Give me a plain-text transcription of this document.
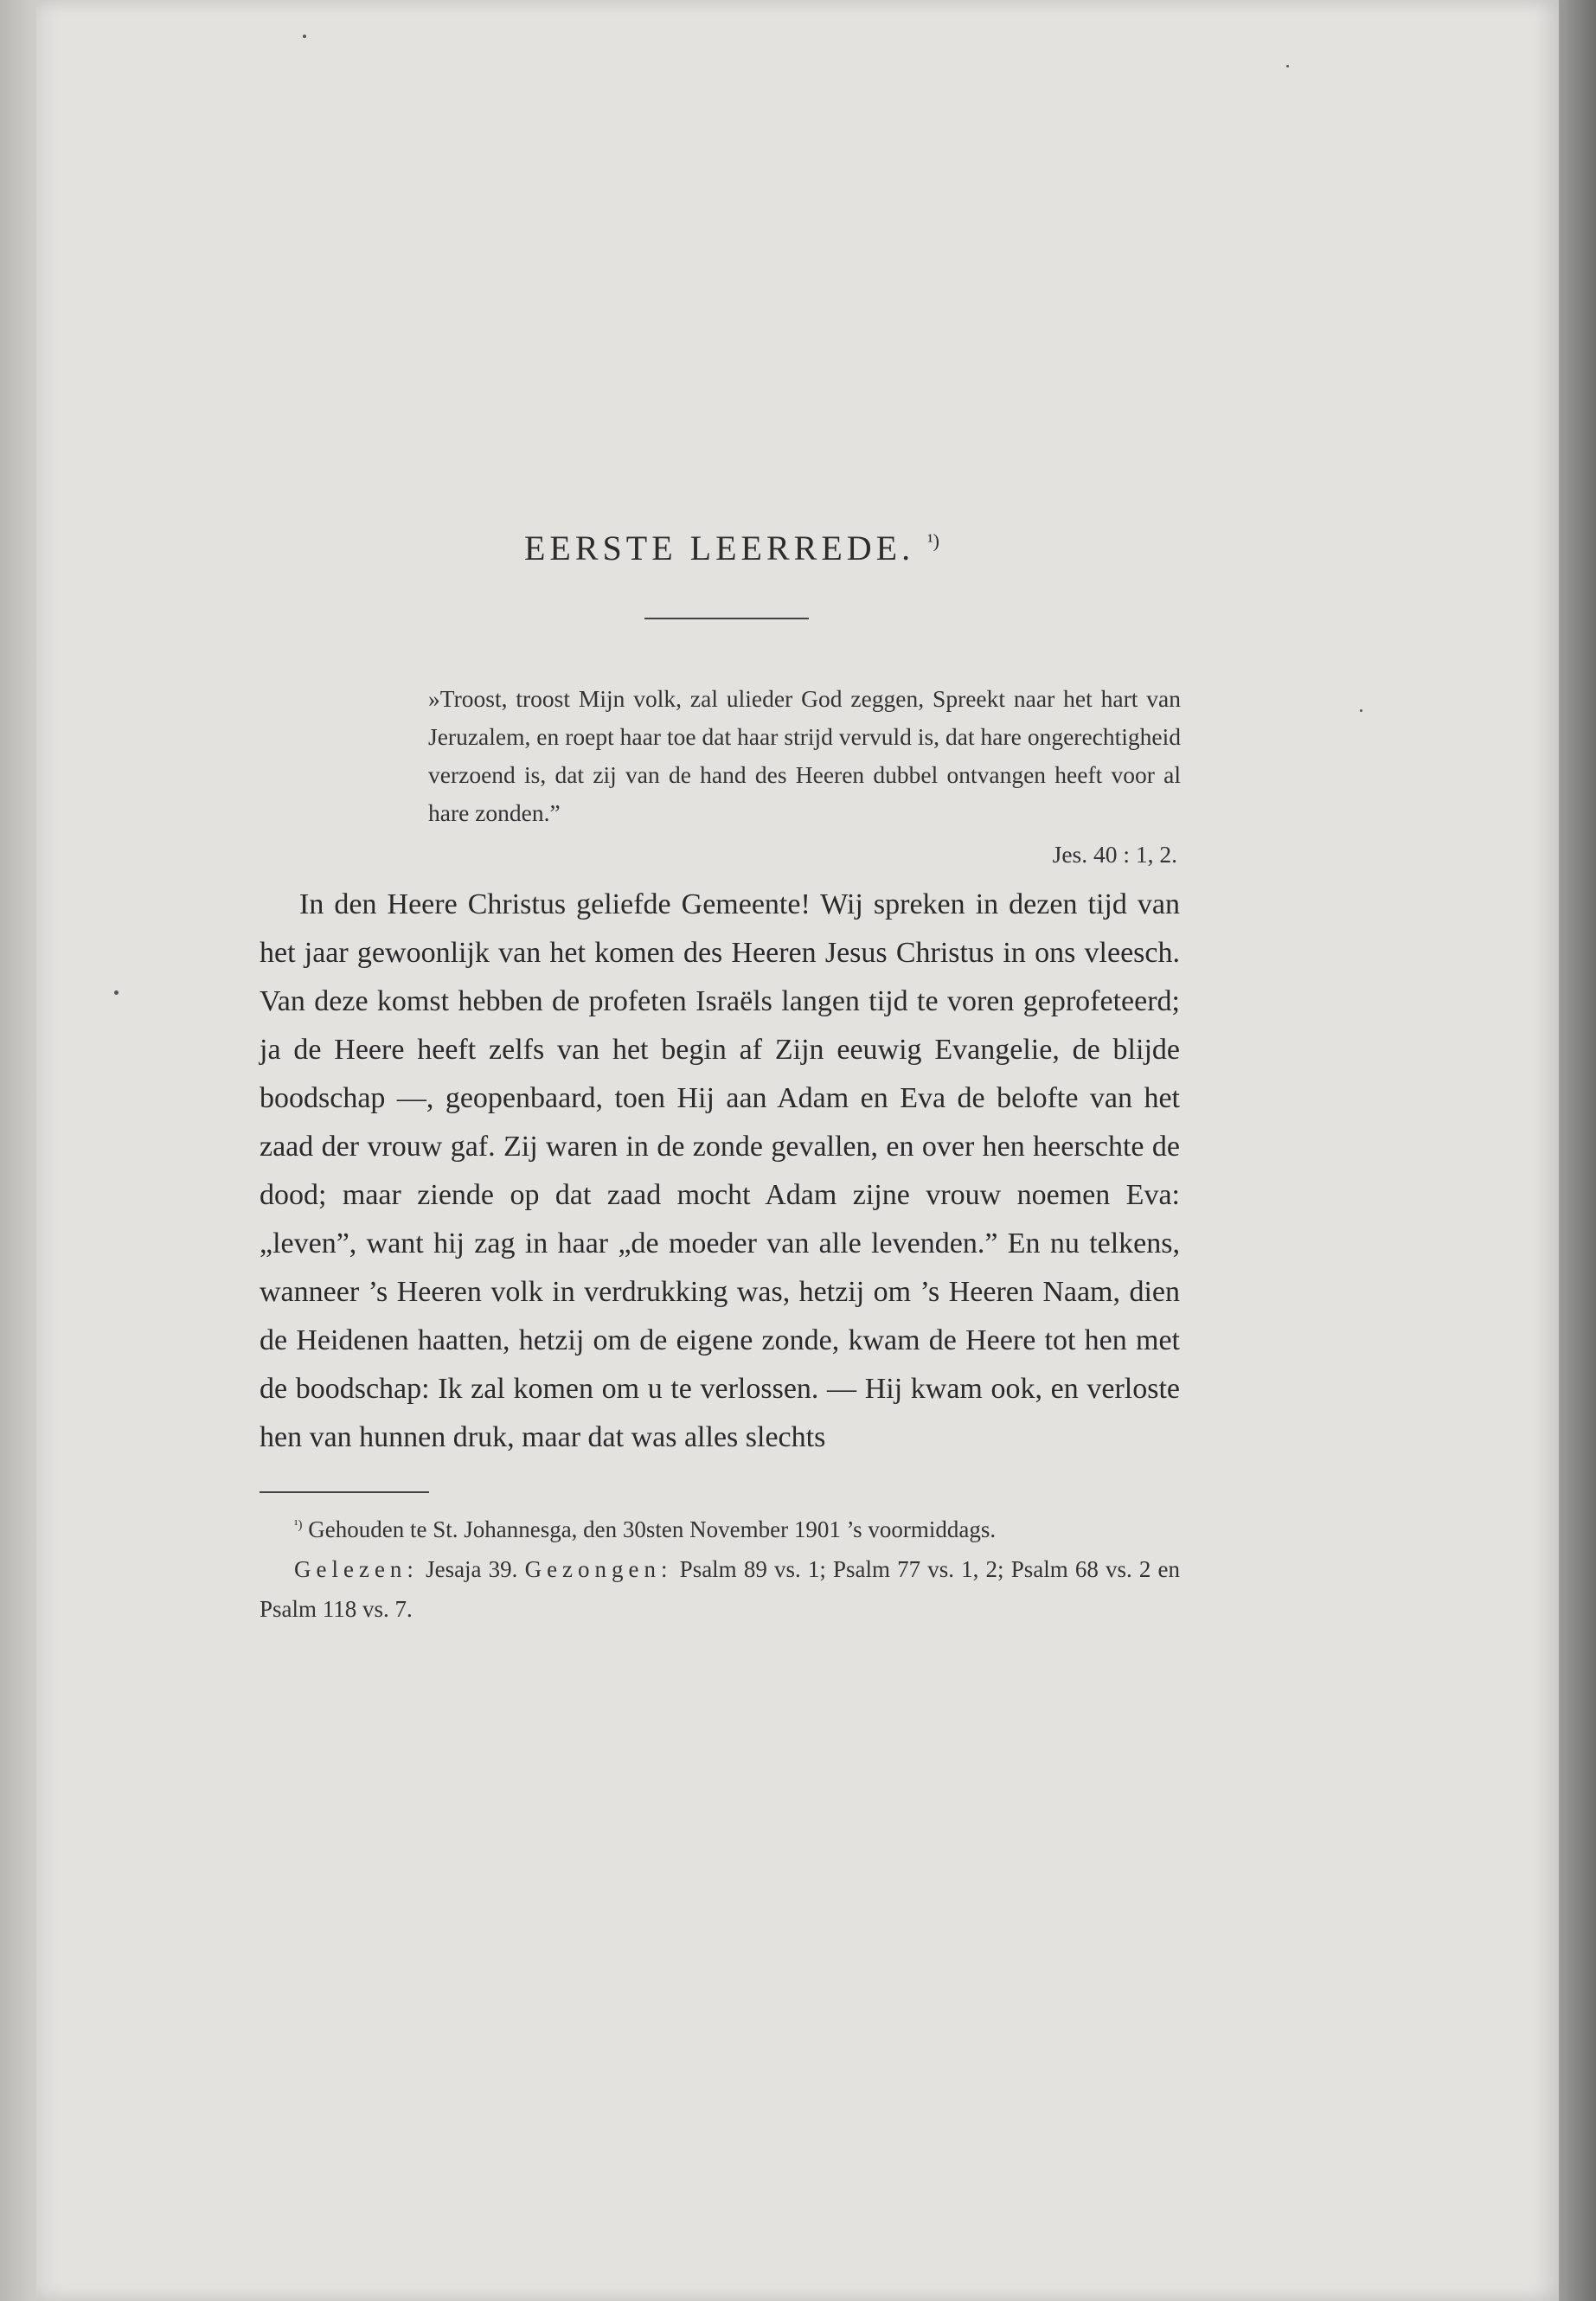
EERSTE LEERREDE. $^{^1)}$
»Troost, troost Mijn volk, zal ulieder God zeggen, Spreekt naar het hart van Jeruzalem, en roept haar toe dat haar strijd vervuld is, dat hare ongerechtigheid verzoend is, dat zij van de hand des Heeren dubbel ontvangen heeft voor al hare zonden.”
Jes. 40 : 1, 2.

In den Heere Christus geliefde Gemeente! Wij spreken in dezen tijd van het jaar gewoonlijk van het komen des Heeren Jesus Christus in ons vleesch. Van deze komst hebben de profeten Israëls langen tijd te voren geprofeteerd; ja de Heere heeft zelfs van het begin af Zijn eeuwig Evangelie, de blijde boodschap —, geopenbaard, toen Hij aan Adam en Eva de belofte van het zaad der vrouw gaf. Zij waren in de zonde gevallen, en over hen heerschte de dood; maar ziende op dat zaad mocht Adam zijne vrouw noemen Eva: „leven”, want hij zag in haar „de moeder van alle levenden.” En nu telkens, wanneer ’s Heeren volk in verdrukking was, hetzij om ’s Heeren Naam, dien de Heidenen haatten, hetzij om de eigene zonde, kwam de Heere tot hen met de boodschap: Ik zal komen om u te verlossen. — Hij kwam ook, en verloste hen van hunnen druk, maar dat was alles slechts

$^{^1)}$ Gehouden te St. Johannesga, den 30sten November 1901 ’s voormiddags.

Gelezen: Jesaja 39. Gezongen: Psalm 89 vs. 1; Psalm 77 vs. 1, 2; Psalm 68 vs. 2 en Psalm 118 vs. 7.
